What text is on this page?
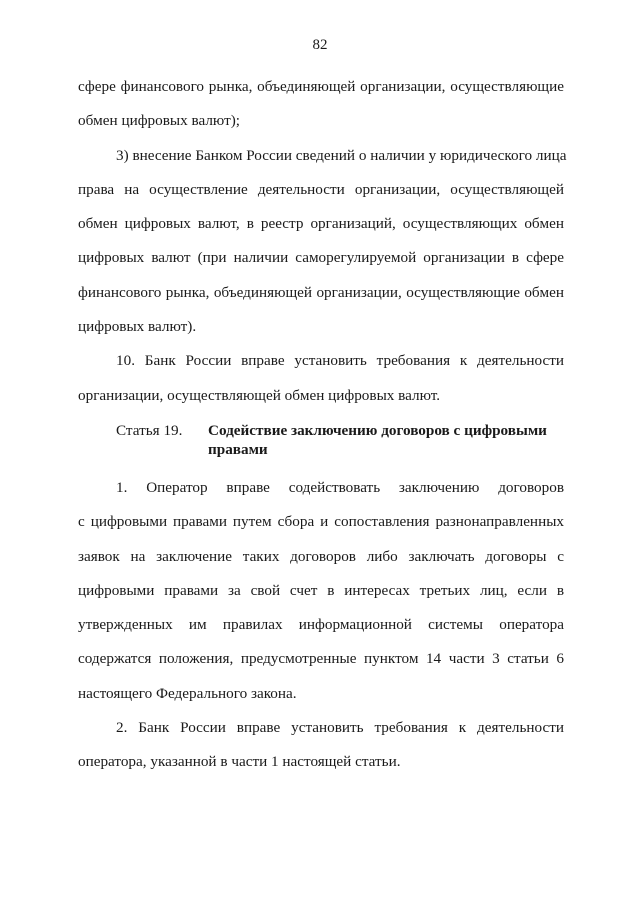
82

сфере финансового рынка, объединяющей организации, осуществляющие
обмен цифровых валют);

3) внесение Банком России сведений о наличии у юридического лица
права на осуществление деятельности организации, осуществляющей
обмен цифровых валют, в реестр организаций, осуществляющих обмен
цифровых валют (при наличии саморегулируемой организации в сфере
финансового рынка, объединяющей организации, осуществляющие обмен
цифровых валют).

10. Банк России вправе установить требования к деятельности
организации, осуществляющей обмен цифровых валют.

Статья 19.	Содействие заключению договоров с цифровыми
правами

1. Оператор вправе содействовать заключению договоров
с цифровыми правами путем сбора и сопоставления разнонаправленных
заявок на заключение таких договоров либо заключать договоры с
цифровыми правами за свой счет в интересах третьих лиц, если в
утвержденных им правилах информационной системы оператора
содержатся положения, предусмотренные пунктом 14 части 3 статьи 6
настоящего Федерального закона.

2. Банк России вправе установить требования к деятельности
оператора, указанной в части 1 настоящей статьи.
